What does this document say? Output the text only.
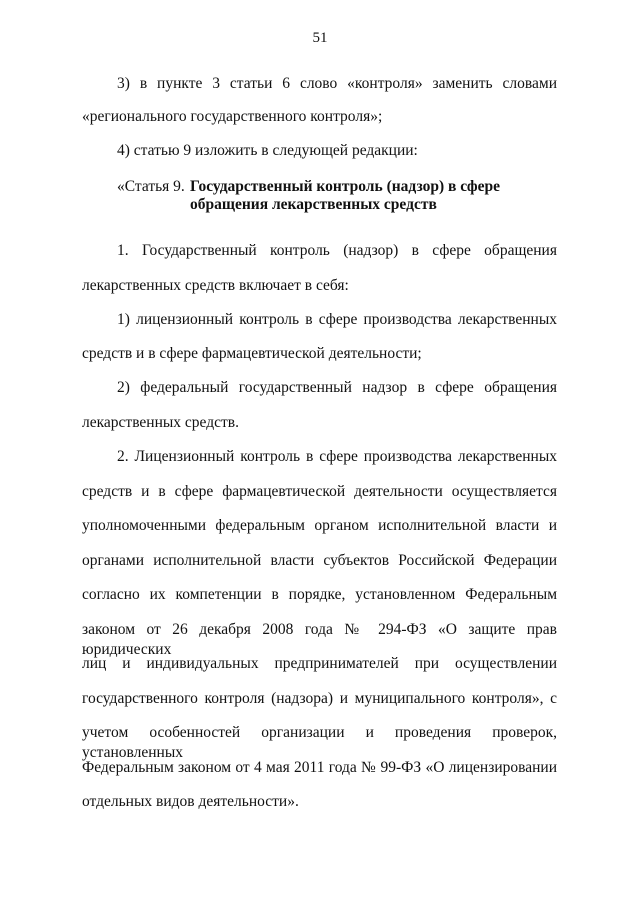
51
3) в пункте 3 статьи 6 слово «контроля» заменить словами
«регионального государственного контроля»;
4) статью 9 изложить в следующей редакции:
«Статья 9. Государственный контроль (надзор) в сфере
обращения лекарственных средств
1. Государственный контроль (надзор) в сфере обращения
лекарственных средств включает в себя:
1) лицензионный контроль в сфере производства лекарственных
средств и в сфере фармацевтической деятельности;
2) федеральный государственный надзор в сфере обращения
лекарственных средств.
2. Лицензионный контроль в сфере производства лекарственных
средств и в сфере фармацевтической деятельности осуществляется
уполномоченными федеральным органом исполнительной власти и
органами исполнительной власти субъектов Российской Федерации
согласно их компетенции в порядке, установленном Федеральным
законом от 26 декабря 2008 года № 294-ФЗ «О защите прав юридических
лиц и индивидуальных предпринимателей при осуществлении
государственного контроля (надзора) и муниципального контроля», с
учетом особенностей организации и проведения проверок, установленных
Федеральным законом от 4 мая 2011 года № 99-ФЗ «О лицензировании
отдельных видов деятельности».
